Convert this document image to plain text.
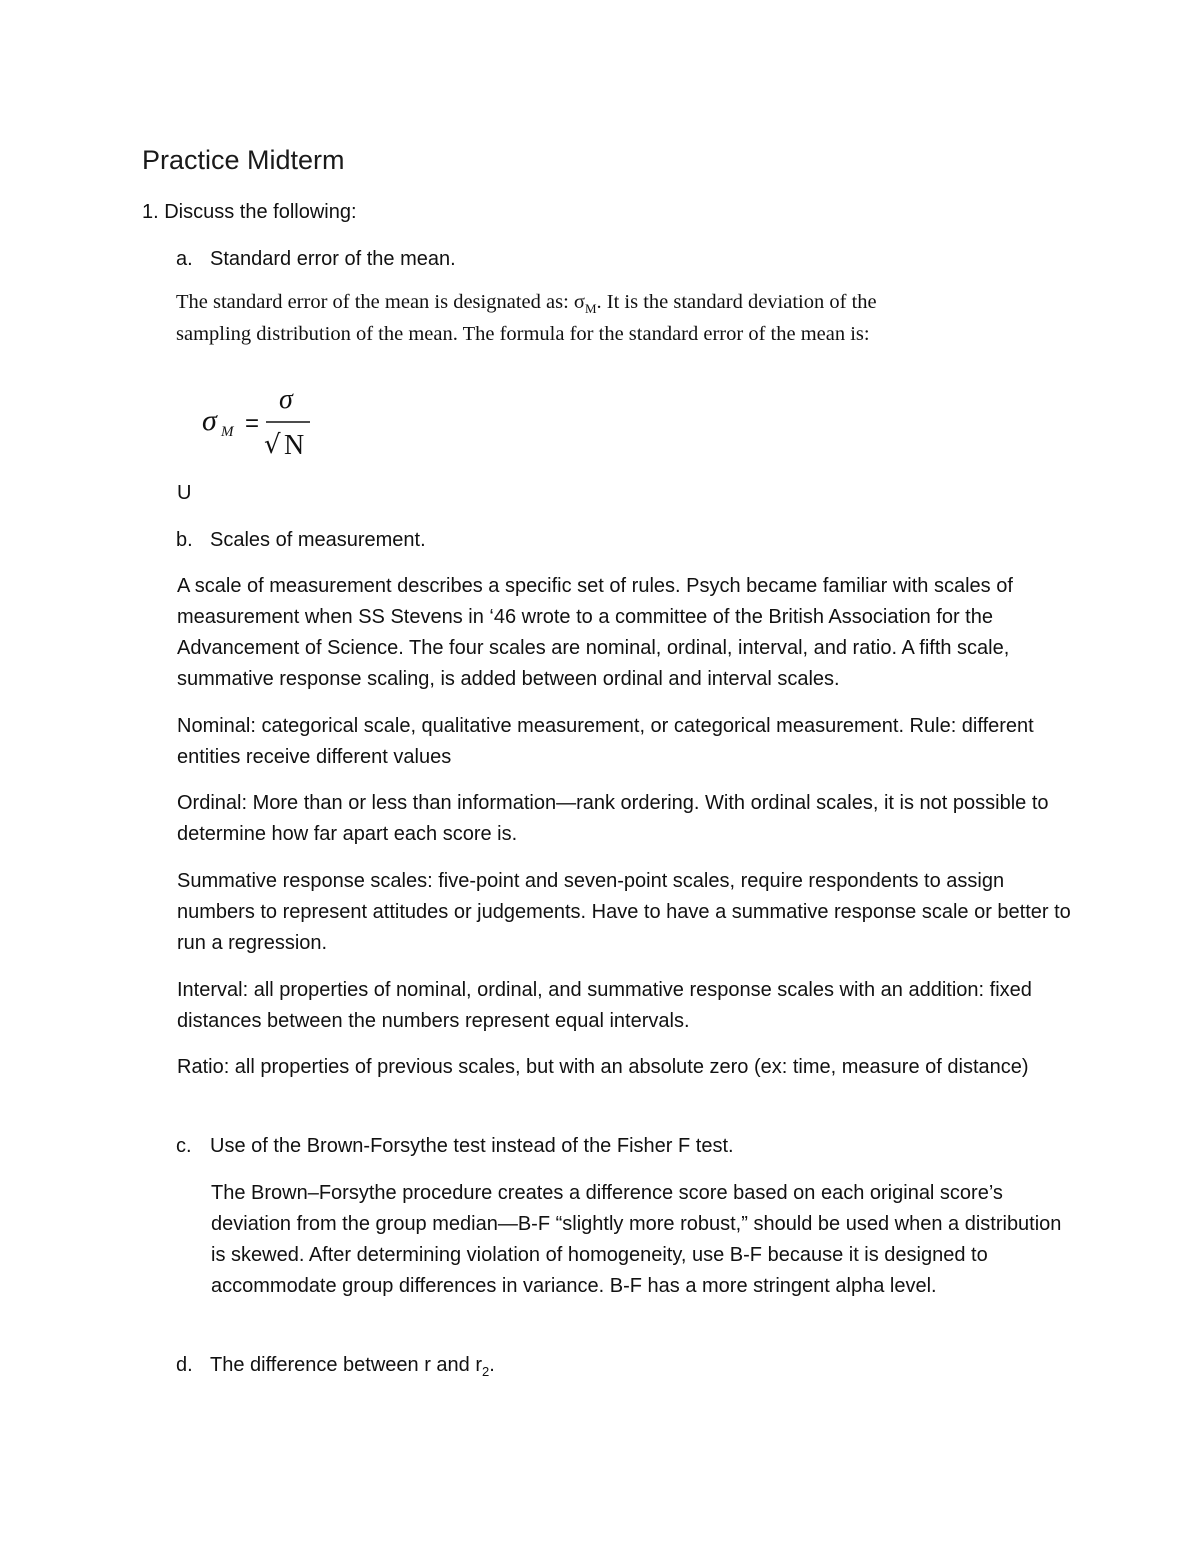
Practice Midterm
1. Discuss the following:
a. Standard error of the mean.
The standard error of the mean is designated as: $\sigma_M$. It is the standard deviation of the
sampling distribution of the mean. The formula for the standard error of the mean is:
σ M =
σ
√ N
U
b. Scales of measurement.

A scale of measurement describes a specific set of rules. Psych became familiar with scales of measurement when SS Stevens in ‘46 wrote to a committee of the British Association for the Advancement of Science. The four scales are nominal, ordinal, interval, and ratio. A fifth scale, summative response scaling, is added between ordinal and interval scales.

Nominal: categorical scale, qualitative measurement, or categorical measurement. Rule: different entities receive different values

Ordinal: More than or less than information—rank ordering. With ordinal scales, it is not possible to determine how far apart each score is.

Summative response scales: five-point and seven-point scales, require respondents to assign numbers to represent attitudes or judgements. Have to have a summative response scale or better to run a regression.

Interval: all properties of nominal, ordinal, and summative response scales with an addition: fixed distances between the numbers represent equal intervals.

Ratio: all properties of previous scales, but with an absolute zero (ex: time, measure of distance)

c. Use of the Brown-Forsythe test instead of the Fisher F test.

The Brown–Forsythe procedure creates a difference score based on each original score’s deviation from the group median—B-F “slightly more robust,” should be used when a distribution is skewed. After determining violation of homogeneity, use B-F because it is designed to accommodate group differences in variance. B-F has a more stringent alpha level.

d. The difference between r and $r_2$.
